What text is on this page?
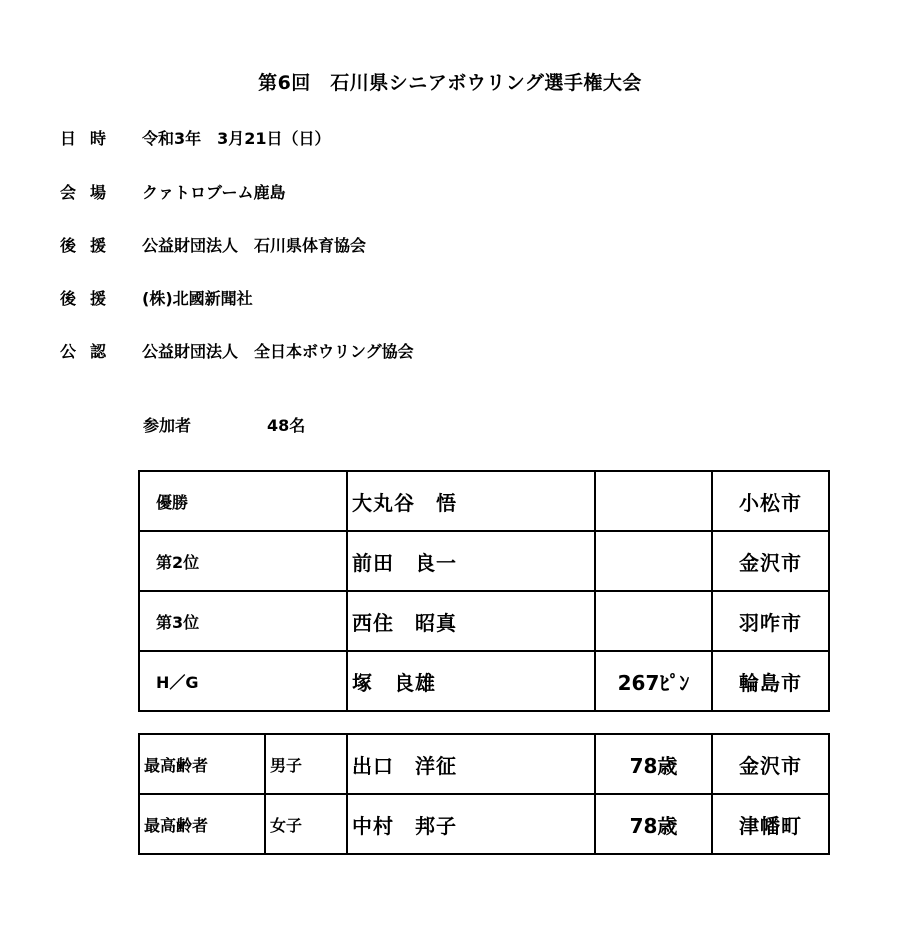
第6回　石川県シニアボウリング選手権大会
日時 令和3年　3月21日（日）
会場 クァトロブーム鹿島
後援 公益財団法人　石川県体育協会
後援 (株)北國新聞社
公認 公益財団法人　全日本ボウリング協会
参加者	48名
優勝	大丸谷　悟		小松市
第2位	前田　良一		金沢市
第3位	西住　昭真		羽咋市
H／G	塚　良雄	267ﾋﾟﾝ	輪島市
最高齢者	男子	出口　洋征	78歳	金沢市
最高齢者	女子	中村　邦子	78歳	津幡町
